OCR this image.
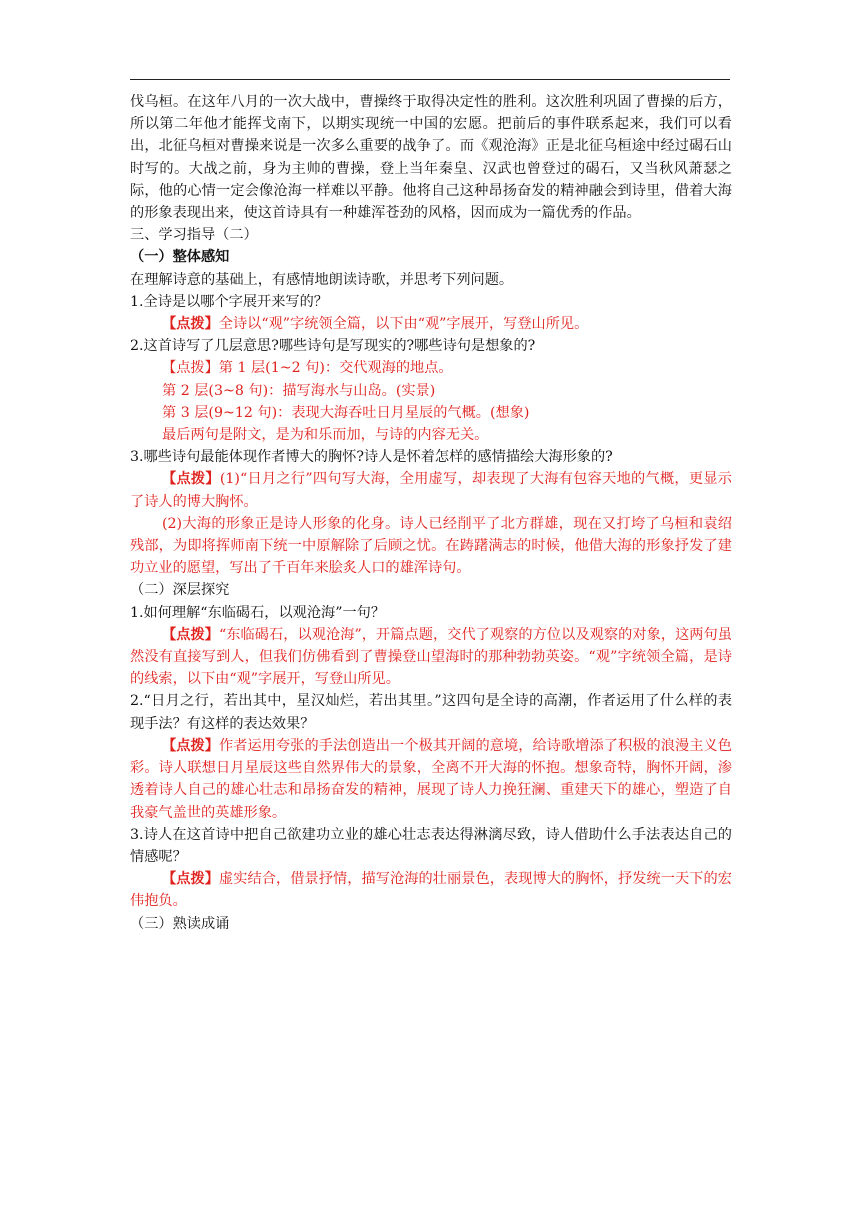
伐乌桓。在这年八月的一次大战中，曹操终于取得决定性的胜利。这次胜利巩固了曹操的后方，所以第二年他才能挥戈南下，以期实现统一中国的宏愿。把前后的事件联系起来，我们可以看出，北征乌桓对曹操来说是一次多么重要的战争了。而《观沧海》正是北征乌桓途中经过碣石山时写的。大战之前，身为主帅的曹操，登上当年秦皇、汉武也曾登过的碣石，又当秋风萧瑟之际，他的心情一定会像沧海一样难以平静。他将自己这种昂扬奋发的精神融会到诗里，借着大海的形象表现出来，使这首诗具有一种雄浑苍劲的风格，因而成为一篇优秀的作品。

三、学习指导（二）

（一）整体感知

在理解诗意的基础上，有感情地朗读诗歌，并思考下列问题。

1.全诗是以哪个字展开来写的？

【点拨】全诗以“观”字统领全篇，以下由“观”字展开，写登山所见。

2.这首诗写了几层意思?哪些诗句是写现实的?哪些诗句是想象的?

【点拨】第 1 层(1~2 句)：交代观海的地点。

第 2 层(3~8 句)：描写海水与山岛。(实景)

第 3 层(9~12 句)：表现大海吞吐日月星辰的气概。(想象)

最后两句是附文，是为和乐而加，与诗的内容无关。

3.哪些诗句最能体现作者博大的胸怀?诗人是怀着怎样的感情描绘大海形象的?

【点拨】(1)“日月之行”四句写大海，全用虚写，却表现了大海有包容天地的气概，更显示了诗人的博大胸怀。

(2)大海的形象正是诗人形象的化身。诗人已经削平了北方群雄，现在又打垮了乌桓和袁绍残部，为即将挥师南下统一中原解除了后顾之忧。在踌躇满志的时候，他借大海的形象抒发了建功立业的愿望，写出了千百年来脍炙人口的雄浑诗句。

（二）深层探究

1.如何理解“东临碣石，以观沧海”一句？

【点拨】“东临碣石，以观沧海”，开篇点题，交代了观察的方位以及观察的对象，这两句虽然没有直接写到人，但我们仿佛看到了曹操登山望海时的那种勃勃英姿。“观”字统领全篇，是诗的线索，以下由“观”字展开，写登山所见。

2.“日月之行，若出其中，星汉灿烂，若出其里。”这四句是全诗的高潮，作者运用了什么样的表现手法？有这样的表达效果？

【点拨】作者运用夸张的手法创造出一个极其开阔的意境，给诗歌增添了积极的浪漫主义色彩。诗人联想日月星辰这些自然界伟大的景象，全离不开大海的怀抱。想象奇特，胸怀开阔，渗透着诗人自己的雄心壮志和昂扬奋发的精神，展现了诗人力挽狂澜、重建天下的雄心，塑造了自我豪气盖世的英雄形象。

3.诗人在这首诗中把自己欲建功立业的雄心壮志表达得淋漓尽致，诗人借助什么手法表达自己的情感呢？

【点拨】虚实结合，借景抒情，描写沧海的壮丽景色，表现博大的胸怀，抒发统一天下的宏伟抱负。

（三）熟读成诵
